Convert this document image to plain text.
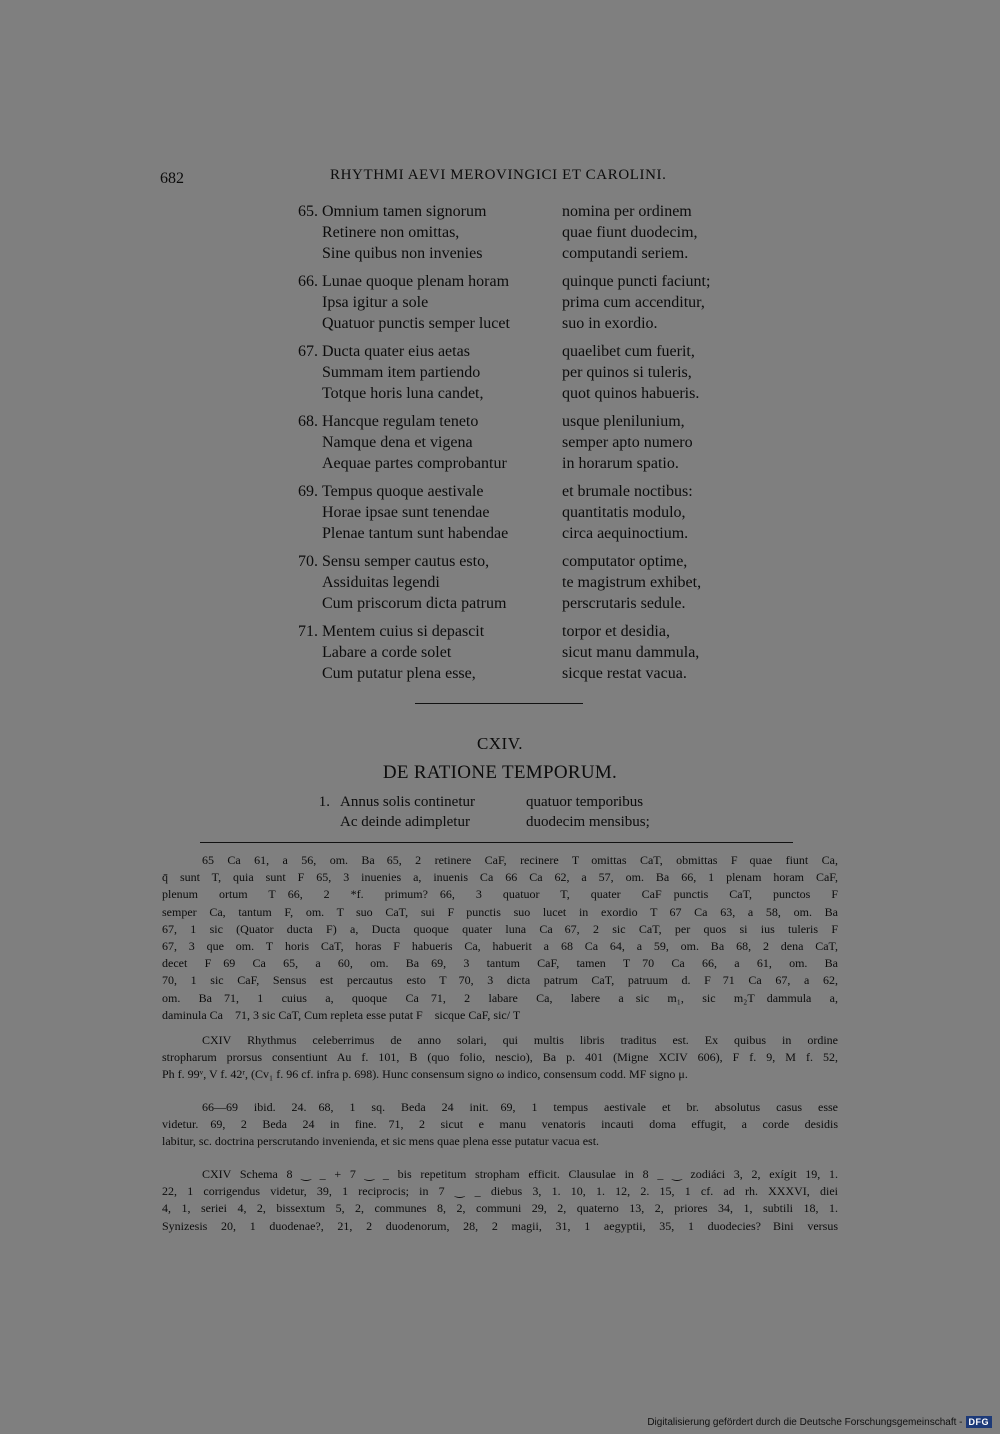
682	RHYTHMI AEVI MEROVINGICI ET CAROLINI.
65. Omnium tamen signorum	nomina per ordinem
Retinere non omittas,	quae fiunt duodecim,
Sine quibus non invenies	computandi seriem.
66. Lunae quoque plenam horam	quinque puncti faciunt;
Ipsa igitur a sole	prima cum accenditur,
Quatuor punctis semper lucet	suo in exordio.
67. Ducta quater eius aetas	quaelibet cum fuerit,
Summam item partiendo	per quinos si tuleris,
Totque horis luna candet,	quot quinos habueris.
68. Hancque regulam teneto	usque plenilunium,
Namque dena et vigena	semper apto numero
Aequae partes comprobantur	in horarum spatio.
69. Tempus quoque aestivale	et brumale noctibus:
Horae ipsae sunt tenendae	quantitatis modulo,
Plenae tantum sunt habendae	circa aequinoctium.
70. Sensu semper cautus esto,	computator optime,
Assiduitas legendi	te magistrum exhibet,
Cum priscorum dicta patrum	perscrutaris sedule.
71. Mentem cuius si depascit	torpor et desidia,
Labare a corde solet	sicut manu dammula,
Cum putatur plena esse,	sicque restat vacua.
CXIV.
DE RATIONE TEMPORUM.
1. Annus solis continetur	quatuor temporibus
Ac deinde adimpletur	duodecim mensibus;

65 Ca 61, a 56, om. Ba 65, 2 retinere CaF, recinere T omittas CaT, obmittas F quae fiunt Ca,

q̄ sunt T, quia sunt F 65, 3 inuenies a, inuenis Ca 66 Ca 62, a 57, om. Ba 66, 1 plenam horam CaF,

plenum ortum T 66, 2 *f. primum? 66, 3 quatuor T, quater CaF punctis CaT, punctos F

semper Ca, tantum F, om. T suo CaT, sui F punctis suo lucet in exordio T 67 Ca 63, a 58, om. Ba

67, 1 sic (Quator ducta F) a, Ducta quoque quater luna Ca 67, 2 sic CaT, per quos si ius tuleris F

67, 3 que om. T horis CaT, horas F habueris Ca, habuerit a 68 Ca 64, a 59, om. Ba 68, 2 dena CaT,

decet F 69 Ca 65, a 60, om. Ba 69, 3 tantum CaF, tamen T 70 Ca 66, a 61, om. Ba

70, 1 sic CaF, Sensus est percautus esto T 70, 3 dicta patrum CaT, patruum d. F 71 Ca 67, a 62,

om. Ba 71, 1 cuius a, quoque Ca 71, 2 labare Ca, labere a sic m₁, sic m₂T dammula a,

daminula Ca 71, 3 sic CaT, Cum repleta esse putat F sicque CaF, sic/ T

CXIV Rhythmus celeberrimus de anno solari, qui multis libris traditus est. Ex quibus in ordine

stropharum prorsus consentiunt Au f. 101, B (quo folio, nescio), Ba p. 401 (Migne XCIV 606), F f. 9, M f. 52,

Ph f. 99ᵛ, V f. 42ʳ, (Cv₁ f. 96 cf. infra p. 698). Hunc consensum signo ω indico, consensum codd. MF signo μ.

66—69 ibid. 24. 68, 1 sq. Beda 24 init. 69, 1 tempus aestivale et br. absolutus casus esse

videtur. 69, 2 Beda 24 in fine. 71, 2 sicut e manu venatoris incauti doma effugit, a corde desidis

labitur, sc. doctrina perscrutando invenienda, et sic mens quae plena esse putatur vacua est.

CXIV Schema 8 ‿ _ + 7 ‿ _ bis repetitum stropham efficit. Clausulae in 8 _ ‿ zodiáci 3, 2, exígit 19, 1.

22, 1 corrigendus videtur, 39, 1 reciprocis; in 7 ‿ _ diebus 3, 1. 10, 1. 12, 2. 15, 1 cf. ad rh. XXXVI, diei

4, 1, seriei 4, 2, bissextum 5, 2, communes 8, 2, communi 29, 2, quaterno 13, 2, priores 34, 1, subtili 18, 1.

Synizesis 20, 1 duodenae?, 21, 2 duodenorum, 28, 2 magii, 31, 1 aegyptii, 35, 1 duodecies? Bini versus

Digitalisierung gefördert durch die Deutsche Forschungsgemeinschaft - DFG
